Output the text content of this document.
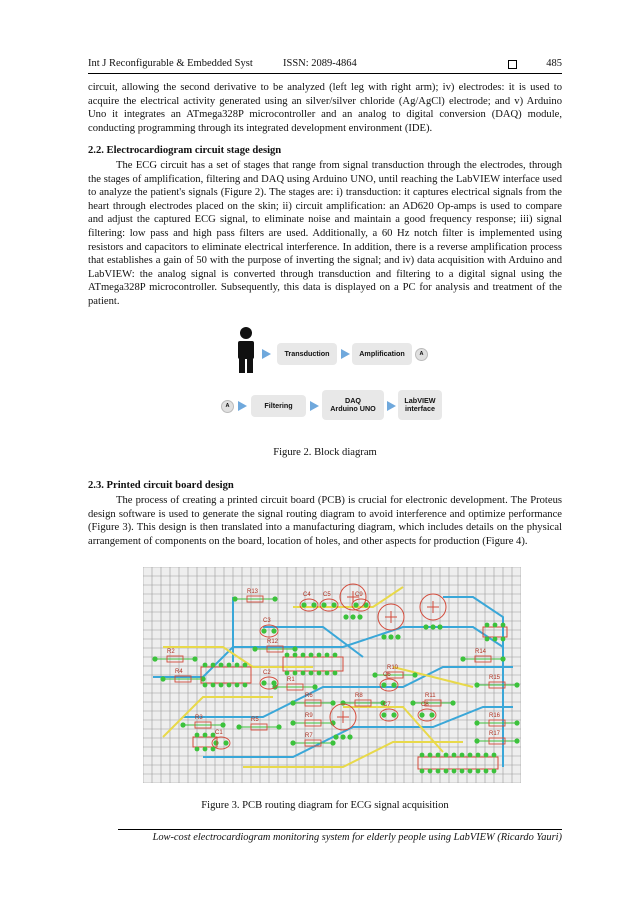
Int J Reconfigurable & Embedded Syst	ISSN: 2089-4864	485

circuit, allowing the second derivative to be analyzed (left leg with right arm); iv) electrodes: it is used to acquire the electrical activity generated using an silver/silver chloride (Ag/AgCl) electrode; and v) Arduino Uno it integrates an ATmega328P microcontroller and an analog to digital conversion (DAQ) module, conducting programming through its integrated development environment (IDE).

2.2. Electrocardiogram circuit stage design

The ECG circuit has a set of stages that range from signal transduction through the electrodes, through the stages of amplification, filtering and DAQ using Arduino UNO, until reaching the LabVIEW interface used to analyze the patient's signals (Figure 2). The stages are: i) transduction: it captures electrical signals from the heart through electrodes placed on the skin; ii) circuit amplification: an AD620 Op-amps is used to compare and adjust the captured ECG signal, to eliminate noise and maintain a good frequency response; iii) signal filtering: low pass and high pass filters are used. Additionally, a 60 Hz notch filter is implemented using resistors and capacitors to eliminate electrical interference. In addition, there is a reverse amplification process that establishes a gain of 50 with the purpose of inverting the signal; and iv) data acquisition with Arduino and LabVIEW: the analog signal is converted through transduction and filtering to a digital signal using the ATmega328P microcontroller. Subsequently, this data is displayed on a PC for analysis and treatment of the patient.

Transduction	Amplification	A
A	Filtering
DAQ
Arduino UNO
LabVIEW
interface

Figure 2. Block diagram

2.3. Printed circuit board design

The process of creating a printed circuit board (PCB) is crucial for electronic development. The Proteus design software is used to generate the signal routing diagram to avoid interference and optimize performance (Figure 3). This design is then translated into a manufacturing diagram, which includes details on the physical arrangement of components on the board, location of holes, and other aspects for production (Figure 4).

R13
R12
R1
R2
R4
R3	R5
R6
R9
R7
R8
R10
R11
R14
R15
R16
R17
C1
C2
C3
C4 C5
C6
C7	C8
C9

Figure 3. PCB routing diagram for ECG signal acquisition

Low-cost electrocardiogram monitoring system for elderly people using LabVIEW (Ricardo Yauri)
